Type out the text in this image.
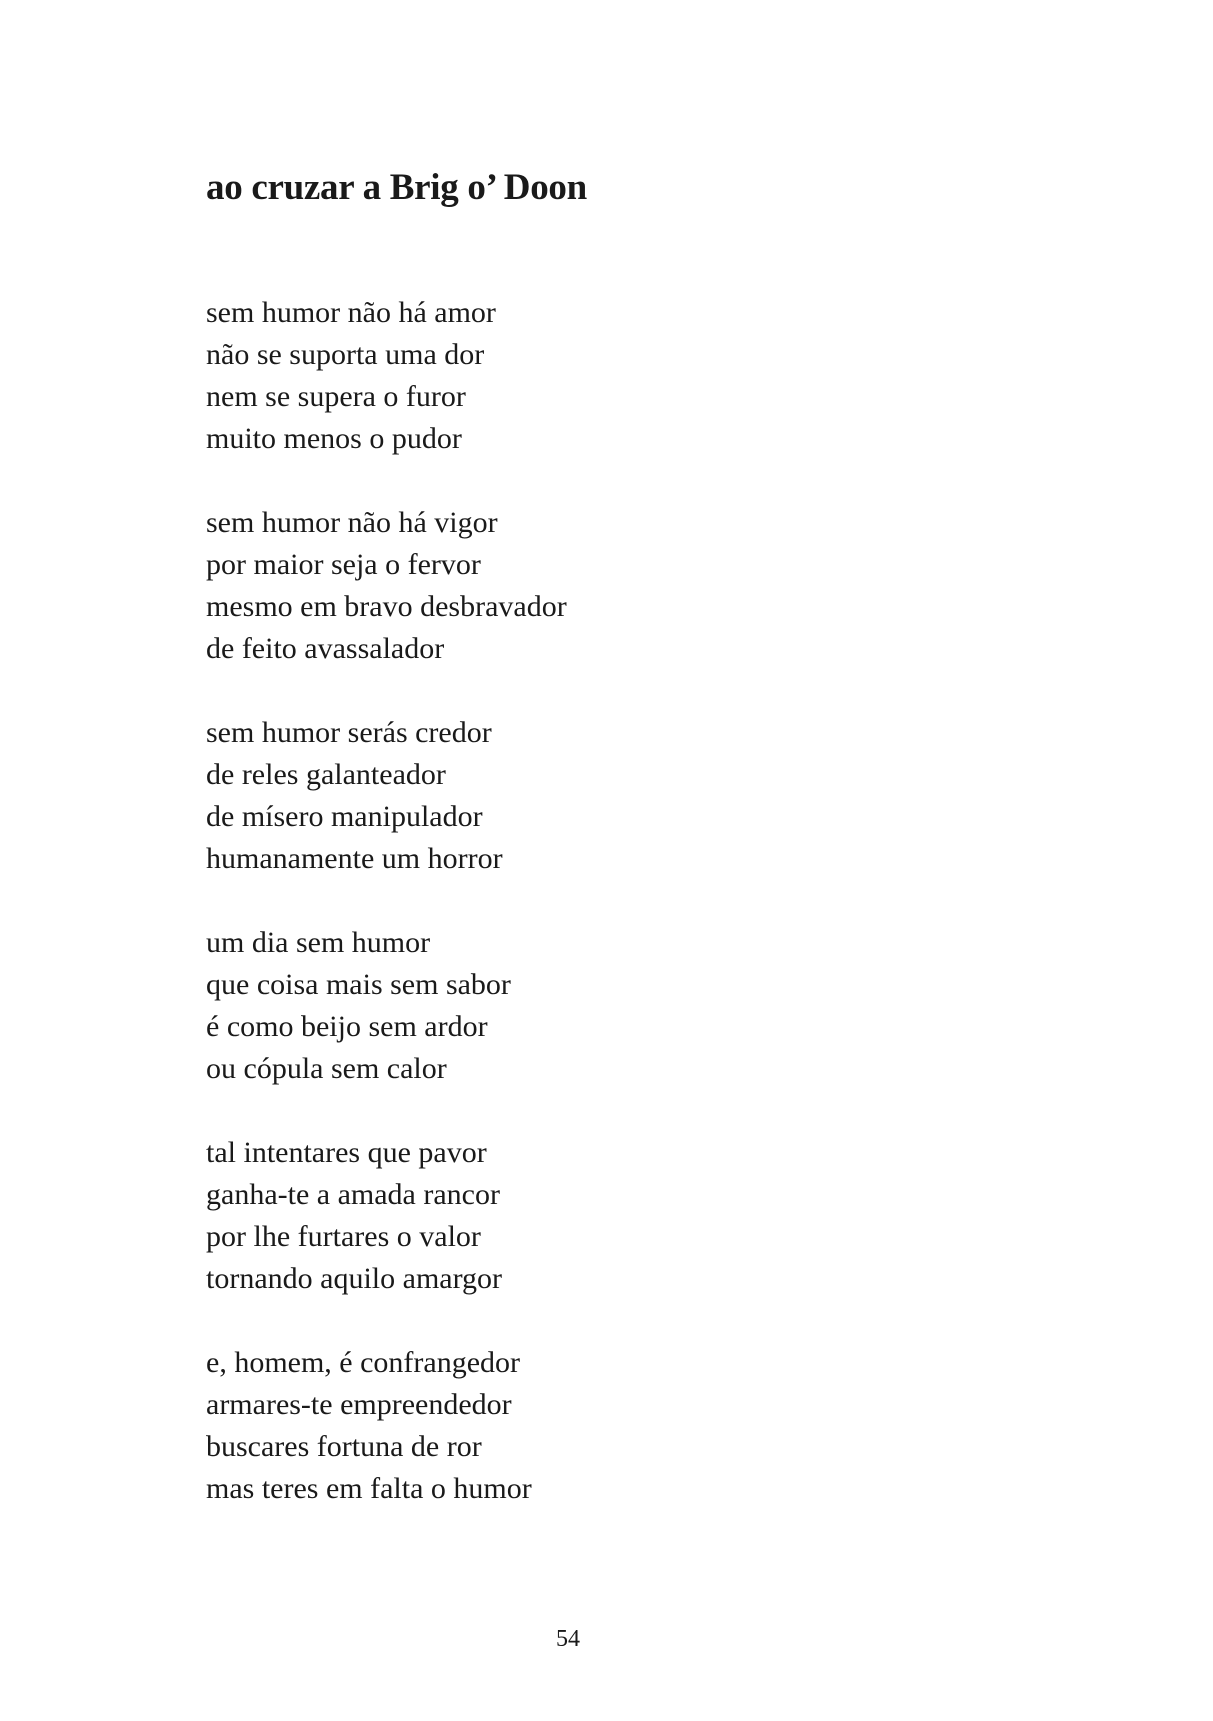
ao cruzar a Brig o’ Doon
sem humor não há amor
não se suporta uma dor
nem se supera o furor
muito menos o pudor
sem humor não há vigor
por maior seja o fervor
mesmo em bravo desbravador
de feito avassalador
sem humor serás credor
de reles galanteador
de mísero manipulador
humanamente um horror
um dia sem humor
que coisa mais sem sabor
é como beijo sem ardor
ou cópula sem calor
tal intentares que pavor
ganha-te a amada rancor
por lhe furtares o valor
tornando aquilo amargor
e, homem, é confrangedor
armares-te empreendedor
buscares fortuna de ror
mas teres em falta o humor
54
